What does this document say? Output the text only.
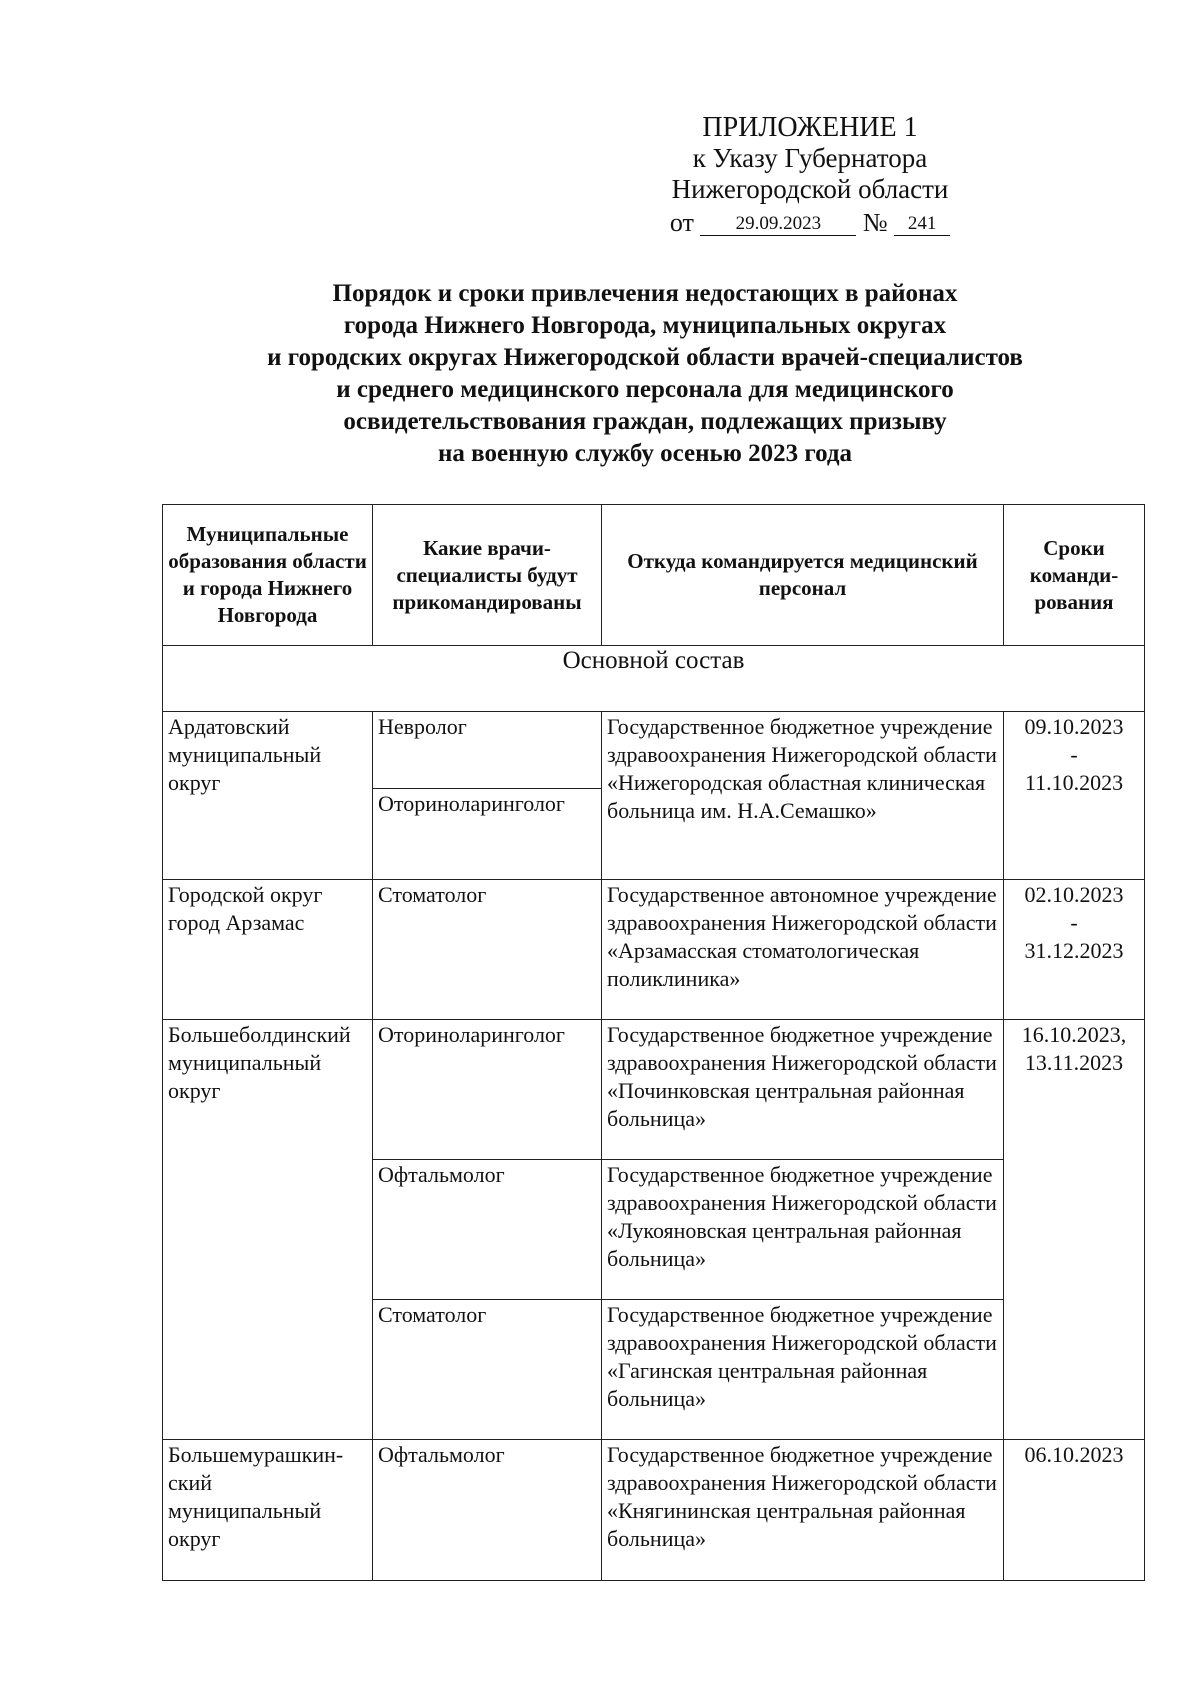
ПРИЛОЖЕНИЕ 1
к Указу Губернатора
Нижегородской области
от 29.09.2023 № 241
Порядок и сроки привлечения недостающих в районах
города Нижнего Новгорода, муниципальных округах
и городских округах Нижегородской области врачей-специалистов
и среднего медицинского персонала для медицинского
освидетельствования граждан, подлежащих призыву
на военную службу осенью 2023 года
Муниципальные образования области и города Нижнего Новгорода	Какие врачи-специалисты будут прикомандированы	Откуда командируется медицинский персонал	Сроки команди-рования
Основной состав			
Ардатовский муниципальный округ	Невролог	Государственное бюджетное учреждение здравоохранения Нижегородской области «Нижегородская областная клиническая больница им. Н.А.Семашко»	09.10.2023
-
11.10.2023
	Оториноларинголог		
Городской округ город Арзамас	Стоматолог	Государственное автономное учреждение здравоохранения Нижегородской области «Арзамасская стоматологическая поликлиника»	02.10.2023
-
31.12.2023
Большеболдинский муниципальный округ	Оториноларинголог	Государственное бюджетное учреждение здравоохранения Нижегородской области «Починковская центральная районная больница»	16.10.2023,
13.11.2023
	Офтальмолог	Государственное бюджетное учреждение здравоохранения Нижегородской области «Лукояновская центральная районная больница»	
	Стоматолог	Государственное бюджетное учреждение здравоохранения Нижегородской области «Гагинская центральная районная больница»	
Большемурашкин-ский муниципальный округ	Офтальмолог	Государственное бюджетное учреждение здравоохранения Нижегородской области «Княгининская центральная районная больница»	06.10.2023
